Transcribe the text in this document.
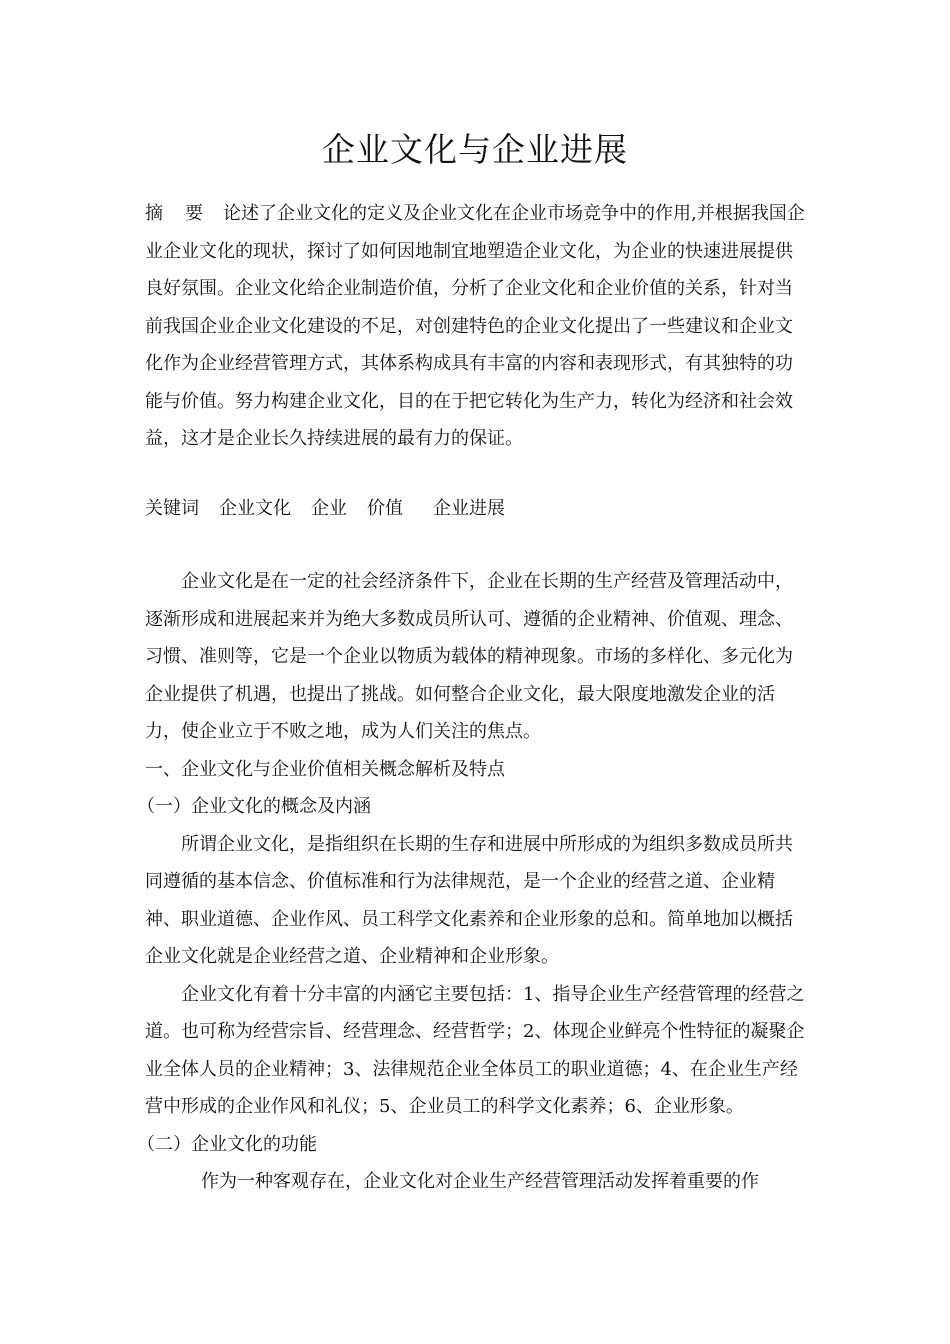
企业文化与企业进展

摘 要 论述了企业文化的定义及企业文化在企业市场竞争中的作用,并根据我国企业企业文化的现状，探讨了如何因地制宜地塑造企业文化，为企业的快速进展提供良好氛围。企业文化给企业制造价值，分析了企业文化和企业价值的关系，针对当前我国企业企业文化建设的不足，对创建特色的企业文化提出了一些建议和企业文化作为企业经营管理方式，其体系构成具有丰富的内容和表现形式，有其独特的功能与价值。努力构建企业文化，目的在于把它转化为生产力，转化为经济和社会效益，这才是企业长久持续进展的最有力的保证。

关键词 企业文化 企业 价值 企业进展

企业文化是在一定的社会经济条件下，企业在长期的生产经营及管理活动中，逐渐形成和进展起来并为绝大多数成员所认可、遵循的企业精神、价值观、理念、习惯、准则等，它是一个企业以物质为载体的精神现象。市场的多样化、多元化为企业提供了机遇，也提出了挑战。如何整合企业文化，最大限度地激发企业的活力，使企业立于不败之地，成为人们关注的焦点。

一、企业文化与企业价值相关概念解析及特点
（一）企业文化的概念及内涵

所谓企业文化，是指组织在长期的生存和进展中所形成的为组织多数成员所共同遵循的基本信念、价值标准和行为法律规范，是一个企业的经营之道、企业精神、职业道德、企业作风、员工科学文化素养和企业形象的总和。简单地加以概括企业文化就是企业经营之道、企业精神和企业形象。

企业文化有着十分丰富的内涵它主要包括：1、指导企业生产经营管理的经营之道。也可称为经营宗旨、经营理念、经营哲学；2、体现企业鲜亮个性特征的凝聚企业全体人员的企业精神；3、法律规范企业全体员工的职业道德；4、在企业生产经营中形成的企业作风和礼仪；5、企业员工的科学文化素养；6、企业形象。

（二）企业文化的功能

作为一种客观存在，企业文化对企业生产经营管理活动发挥着重要的作
